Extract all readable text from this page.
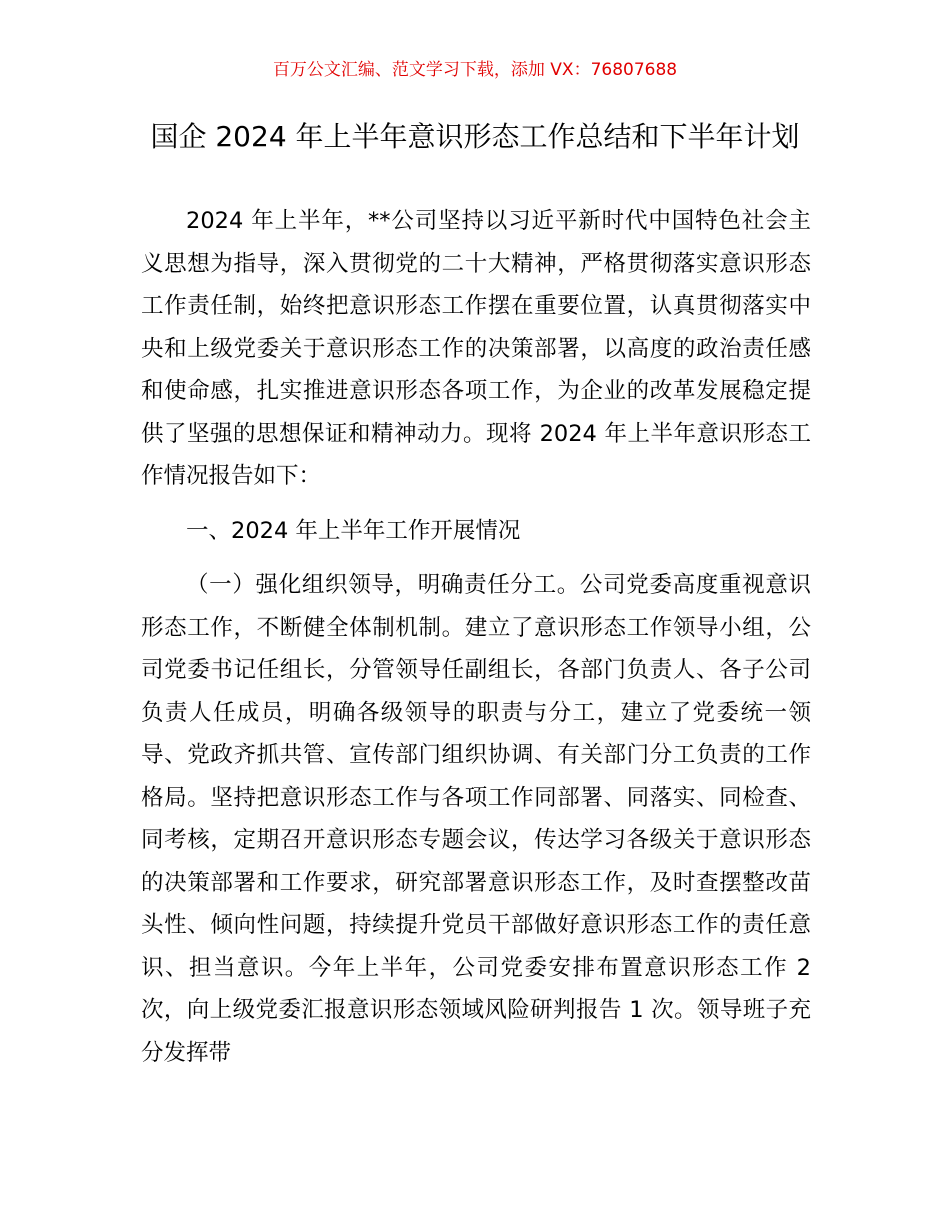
百万公文汇编、范文学习下载，添加 VX：76807688
国企 2024 年上半年意识形态工作总结和下半年计划

2024 年上半年，**公司坚持以习近平新时代中国特色社会主义思想为指导，深入贯彻党的二十大精神，严格贯彻落实意识形态工作责任制，始终把意识形态工作摆在重要位置，认真贯彻落实中央和上级党委关于意识形态工作的决策部署，以高度的政治责任感和使命感，扎实推进意识形态各项工作，为企业的改革发展稳定提供了坚强的思想保证和精神动力。现将 2024 年上半年意识形态工作情况报告如下：

一、2024 年上半年工作开展情况

（一）强化组织领导，明确责任分工。公司党委高度重视意识形态工作，不断健全体制机制。建立了意识形态工作领导小组，公司党委书记任组长，分管领导任副组长，各部门负责人、各子公司负责人任成员，明确各级领导的职责与分工，建立了党委统一领导、党政齐抓共管、宣传部门组织协调、有关部门分工负责的工作格局。坚持把意识形态工作与各项工作同部署、同落实、同检查、同考核，定期召开意识形态专题会议，传达学习各级关于意识形态的决策部署和工作要求，研究部署意识形态工作，及时查摆整改苗头性、倾向性问题，持续提升党员干部做好意识形态工作的责任意识、担当意识。今年上半年，公司党委安排布置意识形态工作 2 次，向上级党委汇报意识形态领域风险研判报告 1 次。领导班子充分发挥带
